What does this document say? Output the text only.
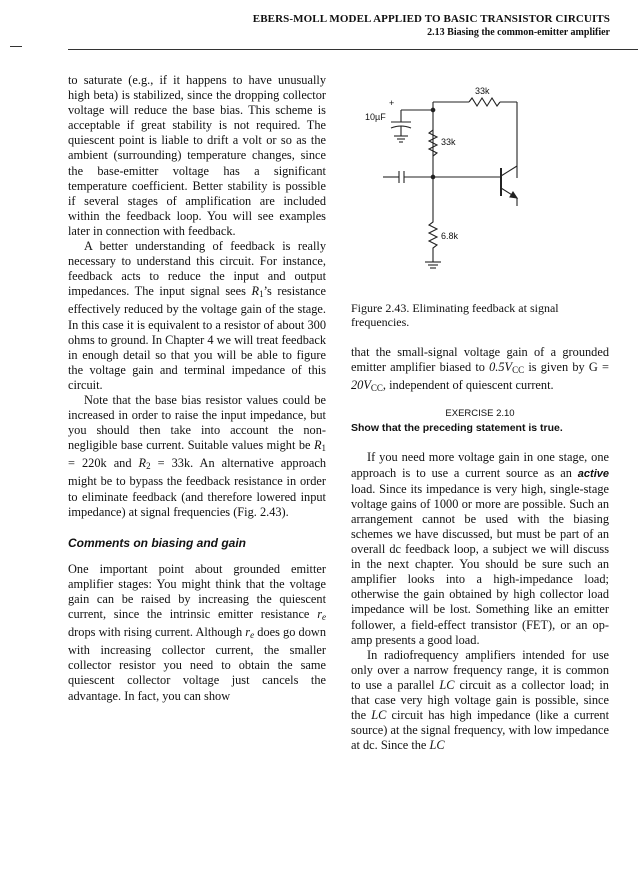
EBERS-MOLL MODEL APPLIED TO BASIC TRANSISTOR CIRCUITS
2.13 Biasing the common-emitter amplifier

to saturate (e.g., if it happens to have unusually high beta) is stabilized, since the dropping collector voltage will reduce the base bias. This scheme is acceptable if great stability is not required. The quiescent point is liable to drift a volt or so as the ambient (surrounding) temperature changes, since the base-emitter voltage has a significant temperature coefficient. Better stability is possible if several stages of amplification are included within the feedback loop. You will see examples later in connection with feedback.

A better understanding of feedback is really necessary to understand this circuit. For instance, feedback acts to reduce the input and output impedances. The input signal sees $R_1’s$ resistance effectively reduced by the voltage gain of the stage. In this case it is equivalent to a resistor of about 300 ohms to ground. In Chapter 4 we will treat feedback in enough detail so that you will be able to figure the voltage gain and terminal impedance of this circuit.

Note that the base bias resistor values could be increased in order to raise the input impedance, but you should then take into account the non-negligible base current. Suitable values might be $R_1 = 220k$ and $R_2 = 33k$. An alternative approach might be to bypass the feedback resistance in order to eliminate feedback (and therefore lowered input impedance) at signal frequencies (Fig. 2.43).

Comments on biasing and gain

One important point about grounded emitter amplifier stages: You might think that the voltage gain can be raised by increasing the quiescent current, since the intrinsic emitter resistance re drops with rising current. Although re does go down with increasing collector current, the smaller collector resistor you need to obtain the same quiescent collector voltage just cancels the advantage. In fact, you can show

10µF
+
33k
33k
6.8k

Figure 2.43. Eliminating feedback at signal frequencies.

that the small-signal voltage gain of a grounded emitter amplifier biased to $0.5V_{CC}$ is given by $G = 20V_{CC}$, independent of quiescent current.

EXERCISE 2.10

Show that the preceding statement is true.

If you need more voltage gain in one stage, one approach is to use a current source as an active load. Since its impedance is very high, single-stage voltage gains of 1000 or more are possible. Such an arrangement cannot be used with the biasing schemes we have discussed, but must be part of an overall dc feedback loop, a subject we will discuss in the next chapter. You should be sure such an amplifier looks into a high-impedance load; otherwise the gain obtained by high collector load impedance will be lost. Something like an emitter follower, a field-effect transistor (FET), or an op-amp presents a good load.

In radiofrequency amplifiers intended for use only over a narrow frequency range, it is common to use a parallel LC circuit as a collector load; in that case very high voltage gain is possible, since the LC circuit has high impedance (like a current source) at the signal frequency, with low impedance at dc. Since the LC
